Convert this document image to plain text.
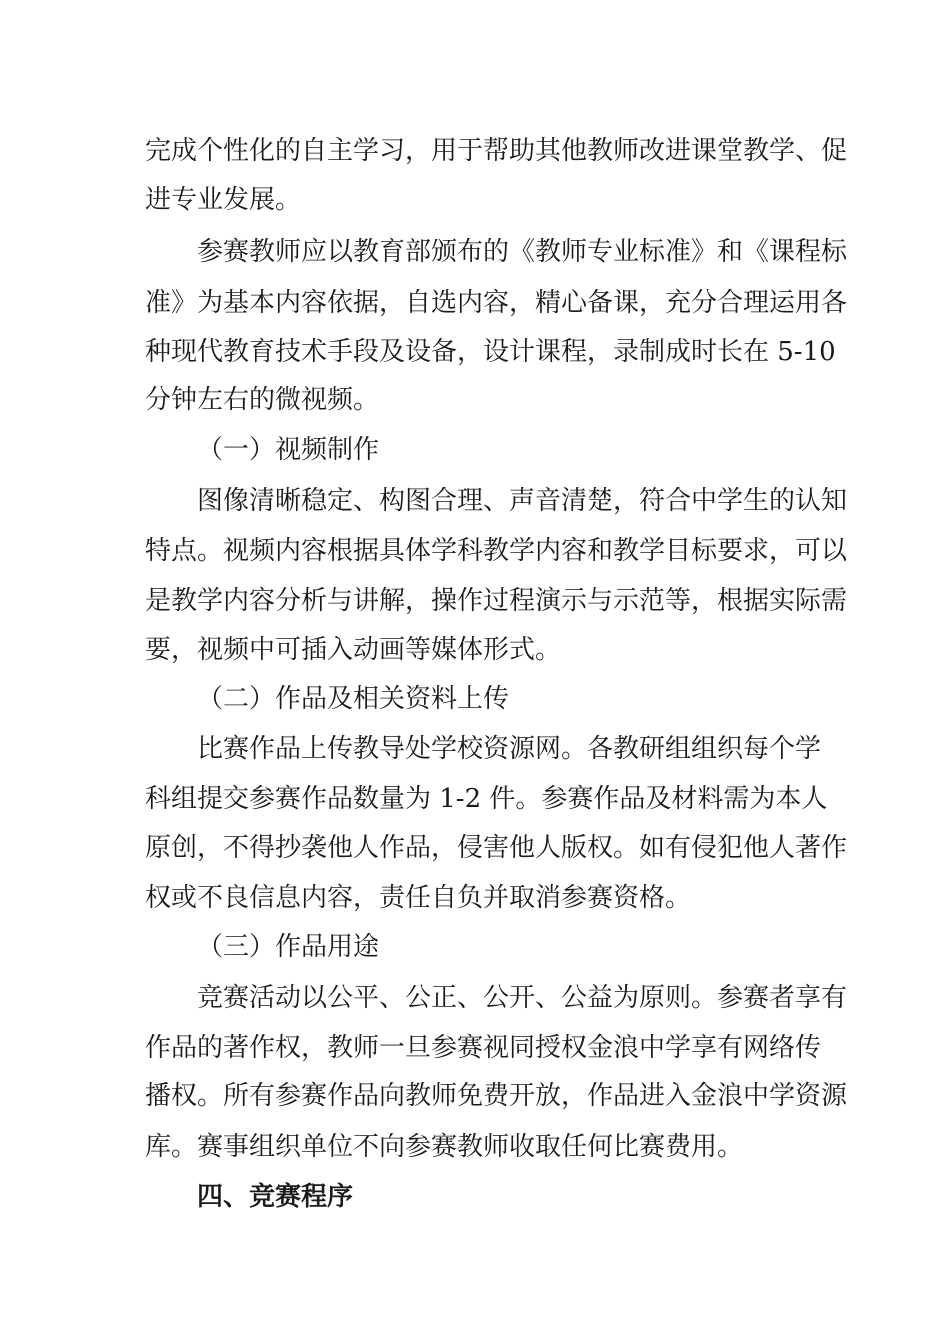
完成个性化的自主学习，用于帮助其他教师改进课堂教学、促
进专业发展。
参赛教师应以教育部颁布的《教师专业标准》和《课程标
准》为基本内容依据，自选内容，精心备课，充分合理运用各
种现代教育技术手段及设备，设计课程，录制成时长在 5-10
分钟左右的微视频。
（一）视频制作
图像清晰稳定、构图合理、声音清楚，符合中学生的认知
特点。视频内容根据具体学科教学内容和教学目标要求，可以
是教学内容分析与讲解，操作过程演示与示范等，根据实际需
要，视频中可插入动画等媒体形式。
（二）作品及相关资料上传
比赛作品上传教导处学校资源网。各教研组组织每个学
科组提交参赛作品数量为 1-2 件。参赛作品及材料需为本人
原创，不得抄袭他人作品，侵害他人版权。如有侵犯他人著作
权或不良信息内容，责任自负并取消参赛资格。
（三）作品用途
竞赛活动以公平、公正、公开、公益为原则。参赛者享有
作品的著作权，教师一旦参赛视同授权金浪中学享有网络传
播权。所有参赛作品向教师免费开放，作品进入金浪中学资源
库。赛事组织单位不向参赛教师收取任何比赛费用。
四、竞赛程序
